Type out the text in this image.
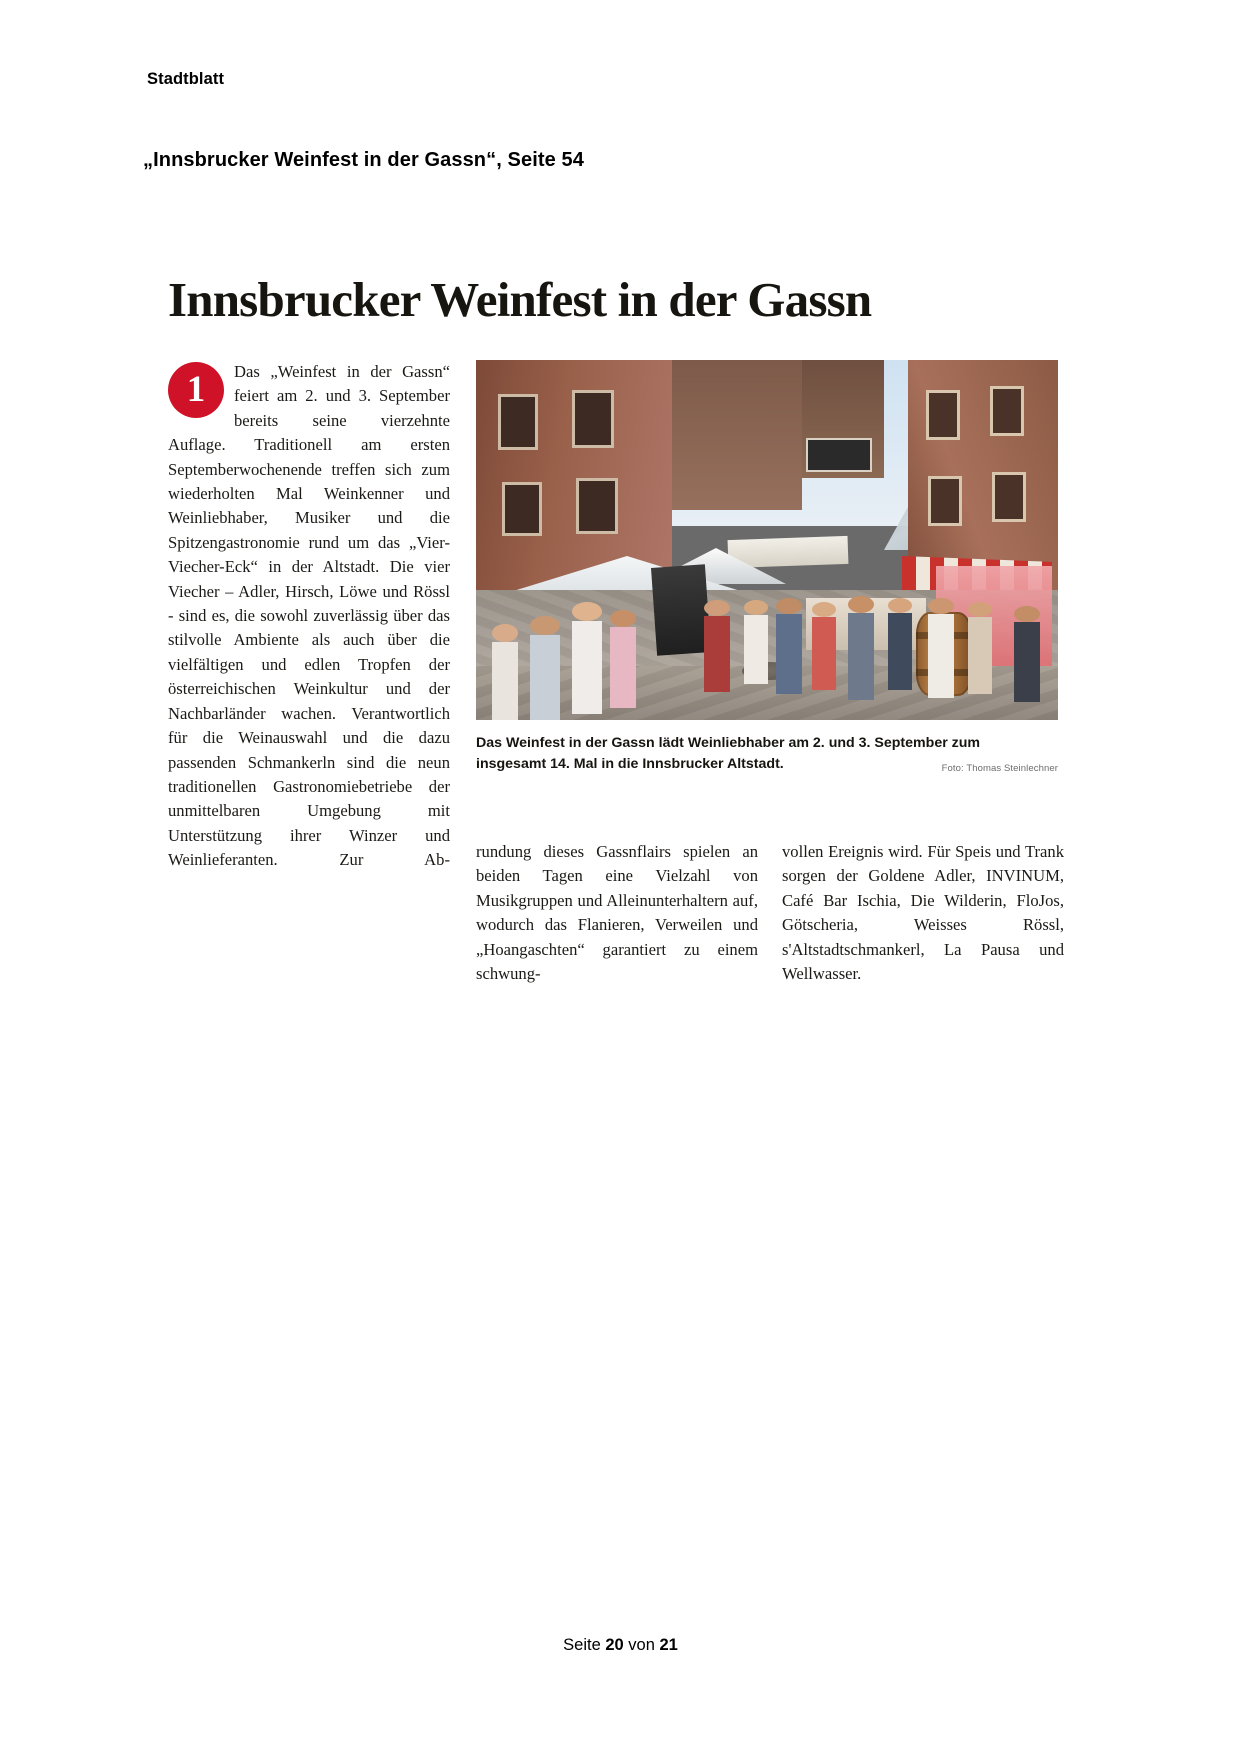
Stadtblatt
„Innsbrucker Weinfest in der Gassn“, Seite 54
Innsbrucker Weinfest in der Gassn
1	Das „Weinfest in der Gassn“ feiert am 2. und 3. September bereits seine vierzehnte Auflage. Traditionell am ersten Septemberwochenende treffen sich zum wiederholten Mal Weinkenner und Weinliebhaber, Musiker und die Spitzengastronomie rund um das „Vier-Viecher-Eck“ in der Altstadt. Die vier Viecher – Adler, Hirsch, Löwe und Rössl - sind es, die sowohl zuverlässig über das stilvolle Ambiente als auch über die vielfältigen und edlen Tropfen der österreichischen Weinkultur und der Nachbarländer wachen. Verantwortlich für die Weinauswahl und die dazu passenden Schmankerln sind die neun traditionellen Gastronomiebetriebe der unmittelbaren Umgebung mit Unterstützung ihrer Winzer und Weinlieferanten. Zur Ab-

Das Weinfest in der Gassn lädt Weinliebhaber am 2. und 3. September zum insgesamt 14. Mal in die Innsbrucker Altstadt.	Foto: Thomas Steinlechner

rundung dieses Gassnflairs spielen an beiden Tagen eine Vielzahl von Musikgruppen und Alleinunterhaltern auf, wodurch das Flanieren, Verweilen und „Hoangaschten“ garantiert zu einem schwung-

vollen Ereignis wird. Für Speis und Trank sorgen der Goldene Adler, INVINUM, Café Bar Ischia, Die Wilderin, FloJos, Götscheria, Weisses Rössl, s'Altstadtschmankerl, La Pausa und Wellwasser.

Seite 20 von 21
